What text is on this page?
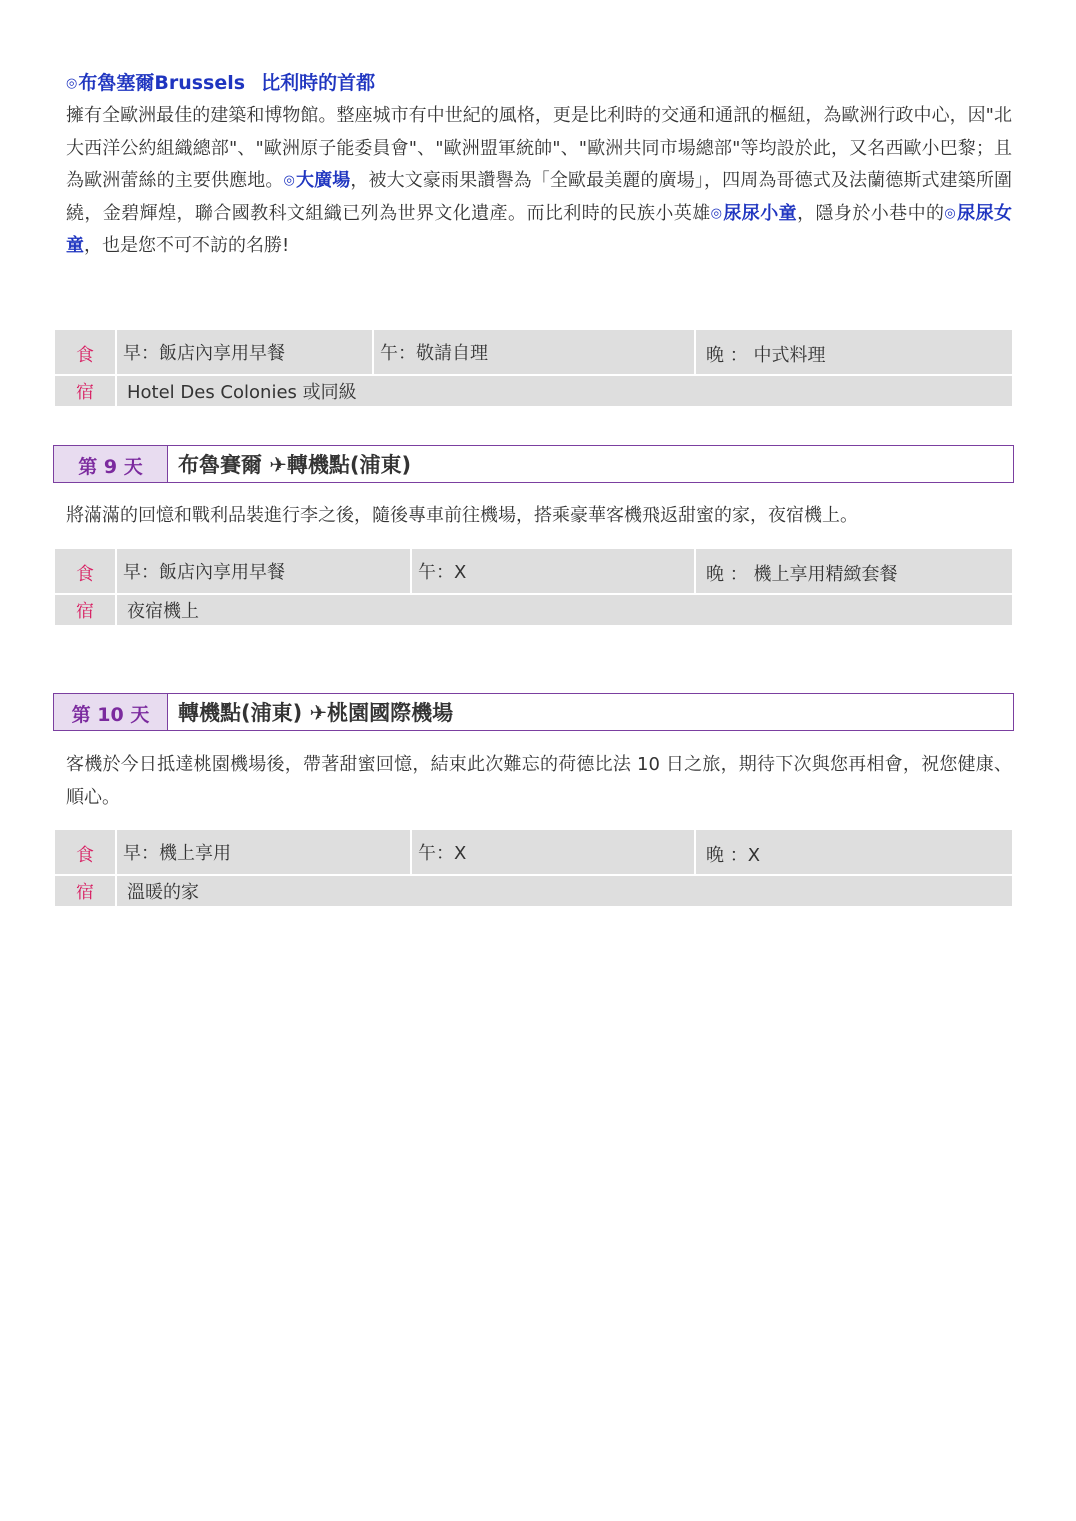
◎布魯塞爾Brussels 比利時的首都
擁有全歐洲最佳的建築和博物館。整座城市有中世紀的風格，更是比利時的交通和通訊的樞紐，為歐洲行政中心，因"北大西洋公約組織總部"、"歐洲原子能委員會"、"歐洲盟軍統帥"、"歐洲共同市場總部"等均設於此，又名西歐小巴黎；且為歐洲蕾絲的主要供應地。◎大廣場，被大文豪雨果讚譽為「全歐最美麗的廣場」，四周為哥德式及法蘭德斯式建築所圍繞，金碧輝煌，聯合國教科文組織已列為世界文化遺產。而比利時的民族小英雄◎尿尿小童，隱身於小巷中的◎尿尿女童，也是您不可不訪的名勝!
食	早：飯店內享用早餐	午：敬請自理	晚 ： 中式料理
宿	Hotel Des Colonies 或同級		
第 9 天	布魯賽爾 ✈轉機點(浦東)
將滿滿的回憶和戰利品裝進行李之後，隨後專車前往機場，搭乘豪華客機飛返甜蜜的家，夜宿機上。
食	早：飯店內享用早餐	午：X	晚 ： 機上享用精緻套餐
宿	夜宿機上		
第 10 天	轉機點(浦東) ✈桃園國際機場
客機於今日抵達桃園機場後，帶著甜蜜回憶，結束此次難忘的荷德比法 10 日之旅，期待下次與您再相會，祝您健康、順心。
食	早：機上享用	午：X	晚 ：X
宿	溫暖的家		
